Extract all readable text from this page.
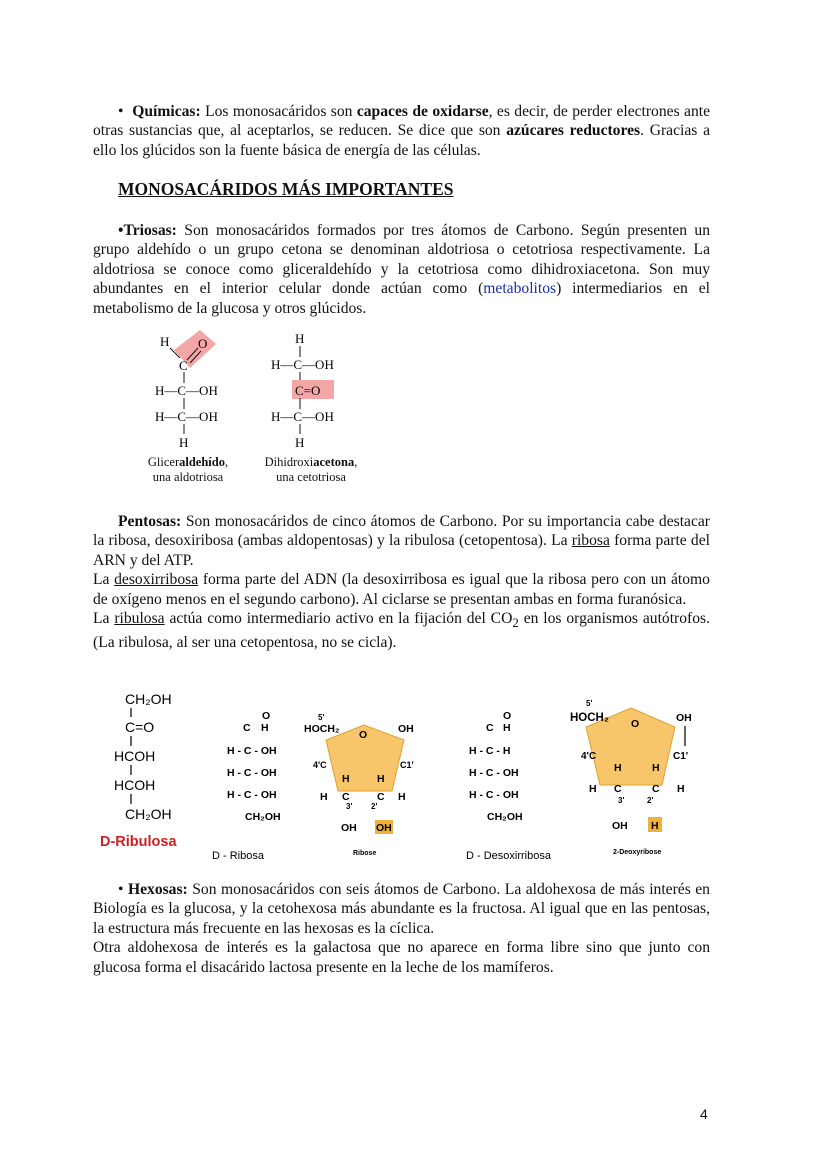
• Químicas: Los monosacáridos son capaces de oxidarse, es decir, de perder electrones ante otras sustancias que, al aceptarlos, se reducen. Se dice que son azúcares reductores. Gracias a ello los glúcidos son la fuente básica de energía de las células.

MONOSACÁRIDOS MÁS IMPORTANTES

•Triosas: Son monosacáridos formados por tres átomos de Carbono. Según presenten un grupo aldehído o un grupo cetona se denominan aldotriosa o cetotriosa respectivamente. La aldotriosa se conoce como gliceraldehído y la cetotriosa como dihidroxiacetona. Son muy abundantes en el interior celular donde actúan como (metabolitos) intermediarios en el metabolismo de la glucosa y otros glúcidos.

H O
C
H—C—OH
H—C—OH
H
H
H—C—OH
C=O
H—C—OH
H
Gliceraldehído,
una aldotriosa
Dihidroxiacetona,
una cetotriosa

Pentosas: Son monosacáridos de cinco átomos de Carbono. Por su importancia cabe destacar la ribosa, desoxiribosa (ambas aldopentosas) y la ribulosa (cetopentosa). La ribosa forma parte del ARN y del ATP.
La desoxirribosa forma parte del ADN (la desoxirribosa es igual que la ribosa pero con un átomo de oxígeno menos en el segundo carbono). Al ciclarse se presentan ambas en forma furanósica.
La ribulosa actúa como intermediario activo en la fijación del $CO_2$ en los organismos autótrofos. (La ribulosa, al ser una cetopentosa, no se cicla).

CH₂OH
C=O
HCOH
HCOH
CH₂OH
D-Ribulosa
O
C H
H - C - OH
H - C - OH
H - C - OH
CH₂OH
D - Ribosa
5'
HOCH₂ O	OH
4'C	C1'
H	H
H C	C H
3' 2'
OH OH
Ribose
O
C H
H - C - H
H - C - OH
H - C - OH
CH₂OH
D - Desoxirribosa
5'
HOCH₂ O	OH
4'C	C1'
H	H
H C	C H
3'	2'
OH H
2-Deoxyribose

• Hexosas: Son monosacáridos con seis átomos de Carbono. La aldohexosa de más interés en Biología es la glucosa, y la cetohexosa más abundante es la fructosa. Al igual que en las pentosas, la estructura más frecuente en las hexosas es la cíclica.
Otra aldohexosa de interés es la galactosa que no aparece en forma libre sino que junto con glucosa forma el disacárido lactosa presente en la leche de los mamíferos.

4
